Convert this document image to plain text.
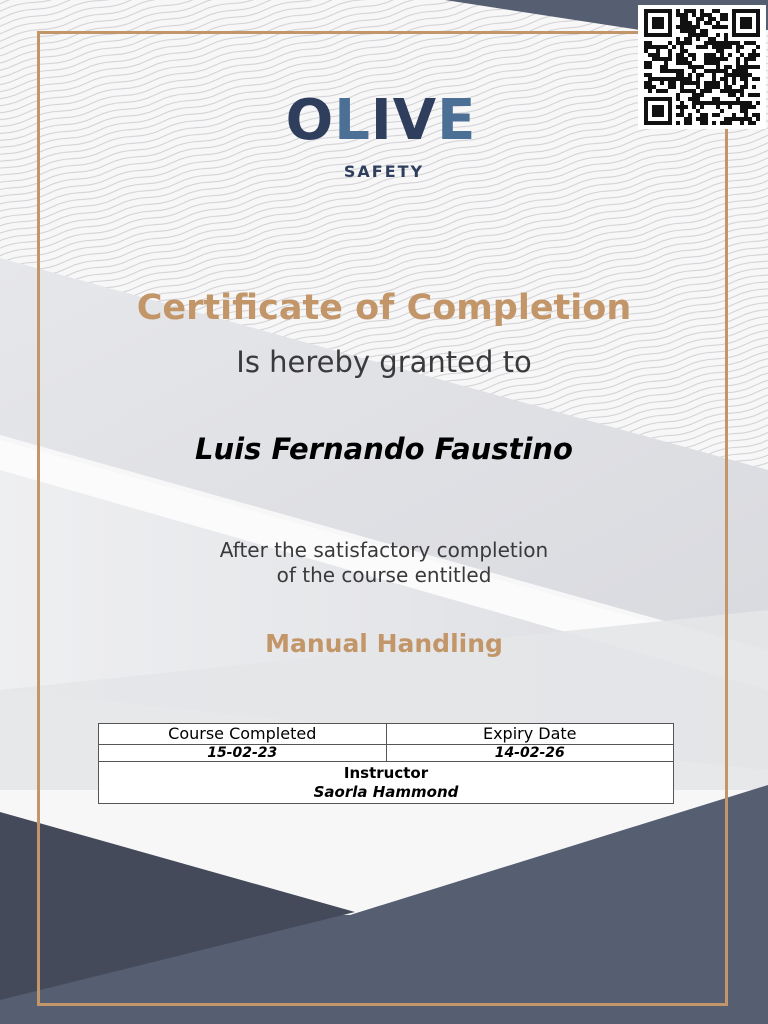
OLIVE
SAFETY
Certificate of Completion
Is hereby granted to
Luis Fernando Faustino
After the satisfactory completion
of the course entitled
Manual Handling
Course Completed	Expiry Date
15-02-23	14-02-26

Instructor
Saorla Hammond	
